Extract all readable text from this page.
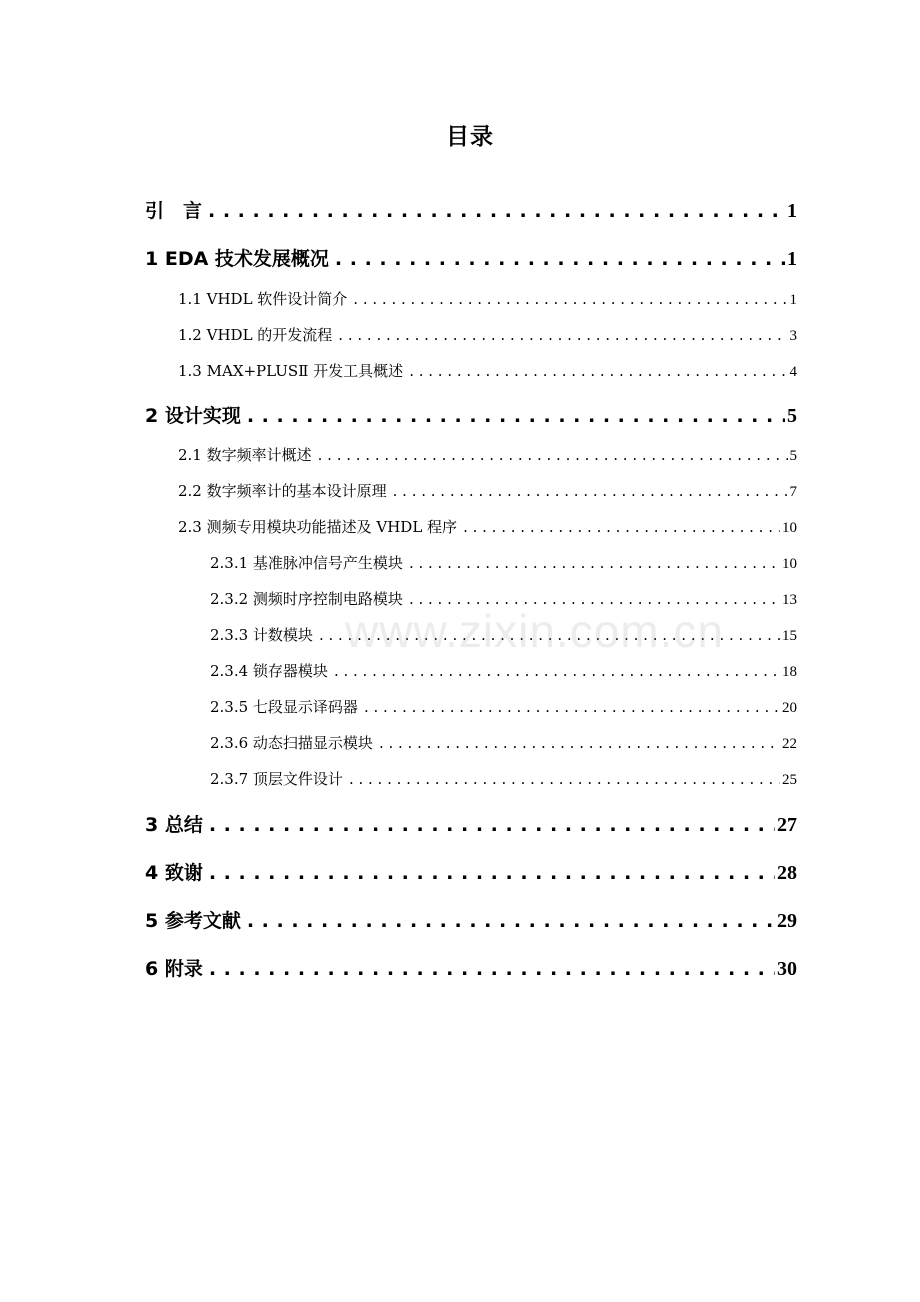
目录
引　言 . . .	1
1 EDA 技术发展概况 . . .	1
1.1 VHDL 软件设计简介 . . .	1
1.2 VHDL 的开发流程 . . .	3
1.3 MAX+PLUSⅡ 开发工具概述 . . .	4
2 设计实现 . . .	5
2.1 数字频率计概述 . . .	5
2.2 数字频率计的基本设计原理 . . .	7
2.3 测频专用模块功能描述及 VHDL 程序 . . .	10
2.3.1 基准脉冲信号产生模块 . . .	10
2.3.2 测频时序控制电路模块 . . .	13
2.3.3 计数模块 . . .	15
2.3.4 锁存器模块 . . .	18
2.3.5 七段显示译码器 . . .	20
2.3.6 动态扫描显示模块 . . .	22
2.3.7 顶层文件设计 . . .	25
3 总结 . . .	27
4 致谢 . . .	28
5 参考文献 . . .	29
6 附录 . . .	30
www.zixin.com.cn
